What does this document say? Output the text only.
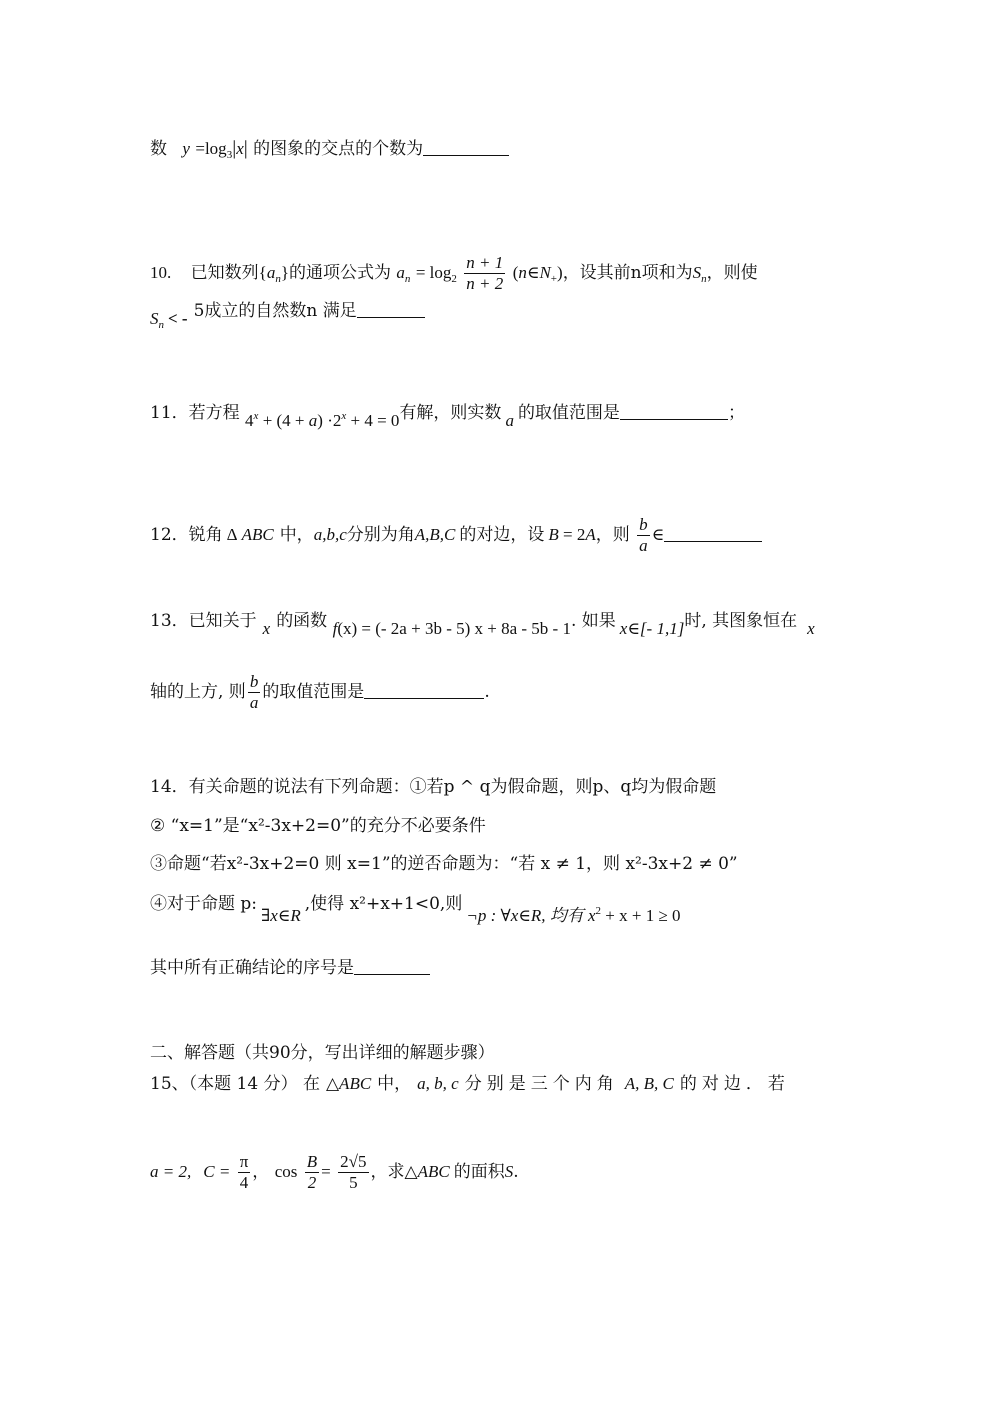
数 $y =\log_3|x|$ 的图象的交点的个数为
10. 已知数列$\{a_n\}$的通项公式为 $a_n = \log_2 \frac{n + 1}{n + 2}$ $(n\in N_+)$，设其前n项和为$S_n$，则使
$S_n$ < - 5成立的自然数n 满足
11．若方程 $4^x + (4 + a) \cdot 2^x + 4 = 0$有解，则实数 a 的取值范围是	；
12．锐角 Δ ABC 中，a,b,c分别为角A,B,C 的对边，设 B = 2A，则 $\frac{b}{a}$ ∈
13．已知关于 x 的函数 f(x) = (- 2a + 3b - 5) x + 8a - 5b - 1. 如果 x∈[- 1,1]时, 其图象恒在 x
轴的上方, 则 $\frac{b}{a}$ 的取值范围是	.
14．有关命题的说法有下列命题：①若p ^ q为假命题，则p、q均为假命题
② “x=1”是“x²-3x+2=0”的充分不必要条件
③命题“若x²-3x+2=0 则 x=1”的逆否命题为：“若 x ≠ 1，则 x²-3x+2 ≠ 0”
④对于命题 p:∃x∈R,使得 x²+x+1<0,则¬p : ∀x∈R, 均有 $x_2 + x + 1 \ge 0$
其中所有正确结论的序号是
二、解答题（共90分，写出详细的解题步骤）
15、（本题 14 分） 在 △ABC 中， a, b, c 分别是三个内角 A, B, C 的对边．若
a = 2, $C = \frac{\pi}{4}$ ， $\cos \frac{B}{2} = \frac{2√5}{5}$ ，求△ABC 的面积S.
